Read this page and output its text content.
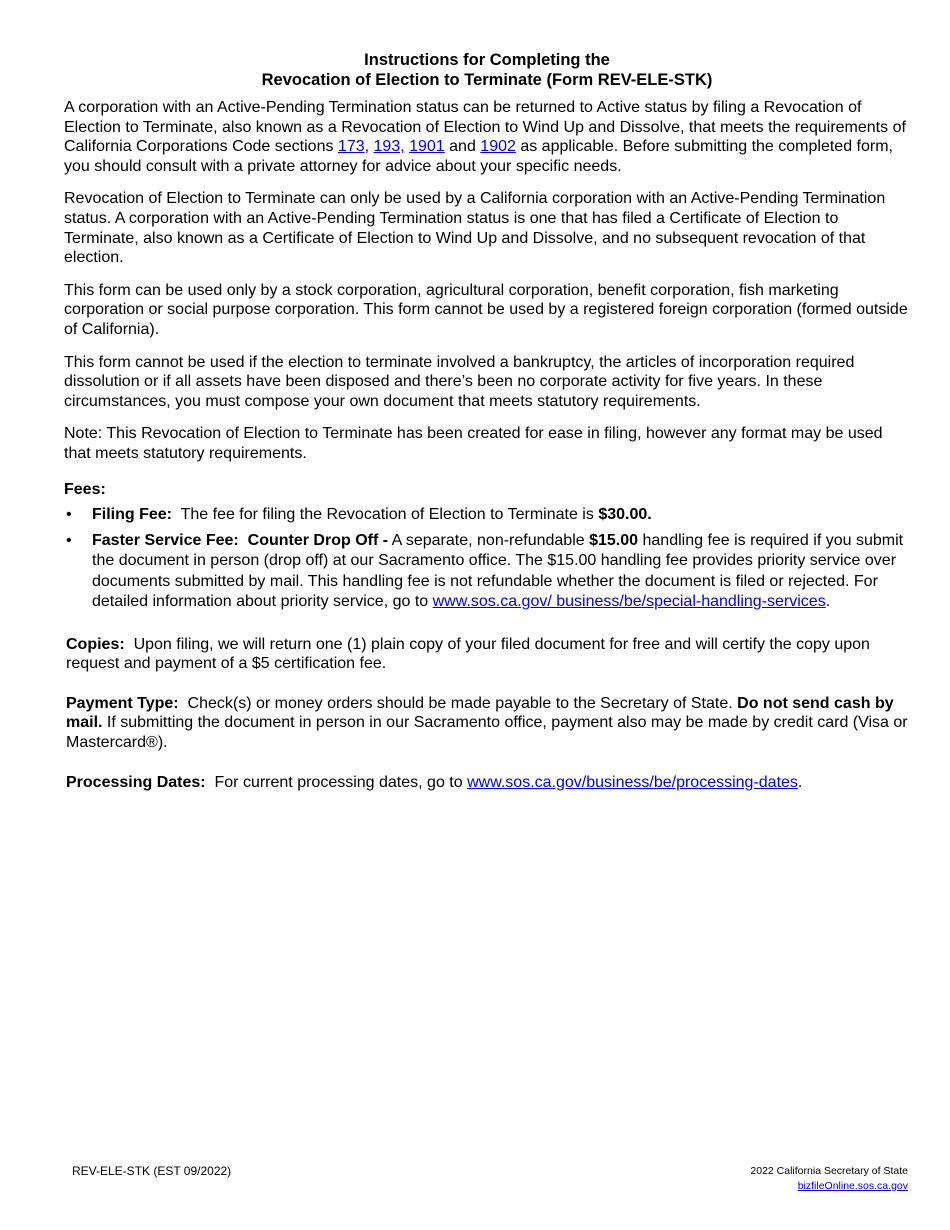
Instructions for Completing the
Revocation of Election to Terminate (Form REV-ELE-STK)

A corporation with an Active-Pending Termination status can be returned to Active status by filing a Revocation of Election to Terminate, also known as a Revocation of Election to Wind Up and Dissolve, that meets the requirements of California Corporations Code sections 173, 193, 1901 and 1902 as applicable. Before submitting the completed form, you should consult with a private attorney for advice about your specific needs.

Revocation of Election to Terminate can only be used by a California corporation with an Active-Pending Termination status. A corporation with an Active-Pending Termination status is one that has filed a Certificate of Election to Terminate, also known as a Certificate of Election to Wind Up and Dissolve, and no subsequent revocation of that election.

This form can be used only by a stock corporation, agricultural corporation, benefit corporation, fish marketing corporation or social purpose corporation. This form cannot be used by a registered foreign corporation (formed outside of California).

This form cannot be used if the election to terminate involved a bankruptcy, the articles of incorporation required dissolution or if all assets have been disposed and there’s been no corporate activity for five years. In these circumstances, you must compose your own document that meets statutory requirements.

Note: This Revocation of Election to Terminate has been created for ease in filing, however any format may be used that meets statutory requirements.

Fees:
• Filing Fee:  The fee for filing the Revocation of Election to Terminate is $30.00.
• Faster Service Fee:  Counter Drop Off - A separate, non-refundable $15.00 handling fee is required if you submit the document in person (drop off) at our Sacramento office. The $15.00 handling fee provides priority service over documents submitted by mail. This handling fee is not refundable whether the document is filed or rejected. For detailed information about priority service, go to www.sos.ca.gov/ business/be/special-handling-services.

Copies:  Upon filing, we will return one (1) plain copy of your filed document for free and will certify the copy upon request and payment of a $5 certification fee.

Payment Type:  Check(s) or money orders should be made payable to the Secretary of State. Do not send cash by mail. If submitting the document in person in our Sacramento office, payment also may be made by credit card (Visa or Mastercard®).

Processing Dates:  For current processing dates, go to www.sos.ca.gov/business/be/processing-dates.

REV-ELE-STK (EST 09/2022)	2022 California Secretary of State
bizfileOnline.sos.ca.gov
